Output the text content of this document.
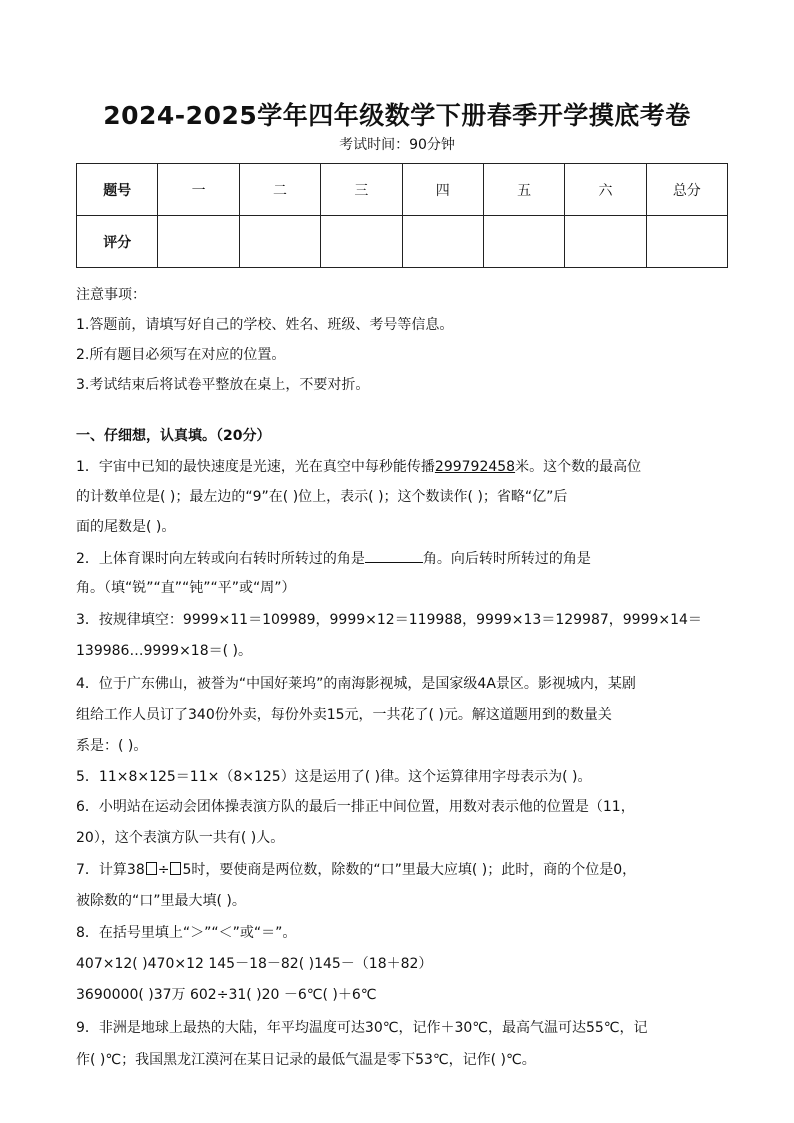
2024-2025学年四年级数学下册春季开学摸底考卷
考试时间：90分钟
题号	一	二	三	四	五	六	总分
评分							
注意事项：
1.答题前，请填写好自己的学校、姓名、班级、考号等信息。
2.所有题目必须写在对应的位置。
3.考试结束后将试卷平整放在桌上，不要对折。
一、仔细想，认真填。（20分）
1．宇宙中已知的最快速度是光速，光在真空中每秒能传播299792458米。这个数的最高位
的计数单位是( )；最左边的“9”在( )位上，表示( )；这个数读作( )；省略“亿”后
面的尾数是( )。
2．上体育课时向左转或向右转时所转过的角是	角。向后转时所转过的角是
角。（填“锐”“直”“钝”“平”或“周”）
3．按规律填空：9999×11＝109989，9999×12＝119988，9999×13＝129987，9999×14＝
139986…9999×18＝( )。
4．位于广东佛山，被誉为“中国好莱坞”的南海影视城，是国家级4A景区。影视城内，某剧
组给工作人员订了340份外卖，每份外卖15元，一共花了( )元。解这道题用到的数量关
系是：( )。
5．11×8×125＝11×（8×125）这是运用了( )律。这个运算律用字母表示为( )。
6．小明站在运动会团体操表演方队的最后一排正中间位置，用数对表示他的位置是（11，
20），这个表演方队一共有( )人。
7．计算38 ÷ 5时，要使商是两位数，除数的“口”里最大应填( )；此时，商的个位是0，
被除数的“口”里最大填( )。
8．在括号里填上“＞”“＜”或“＝”。
407×12( )470×12 145－18－82( )145－（18＋82）
3690000( )37万 602÷31( )20 －6℃( )＋6℃
9．非洲是地球上最热的大陆，年平均温度可达30℃，记作＋30℃，最高气温可达55℃，记
作( )℃；我国黑龙江漠河在某日记录的最低气温是零下53℃，记作( )℃。
